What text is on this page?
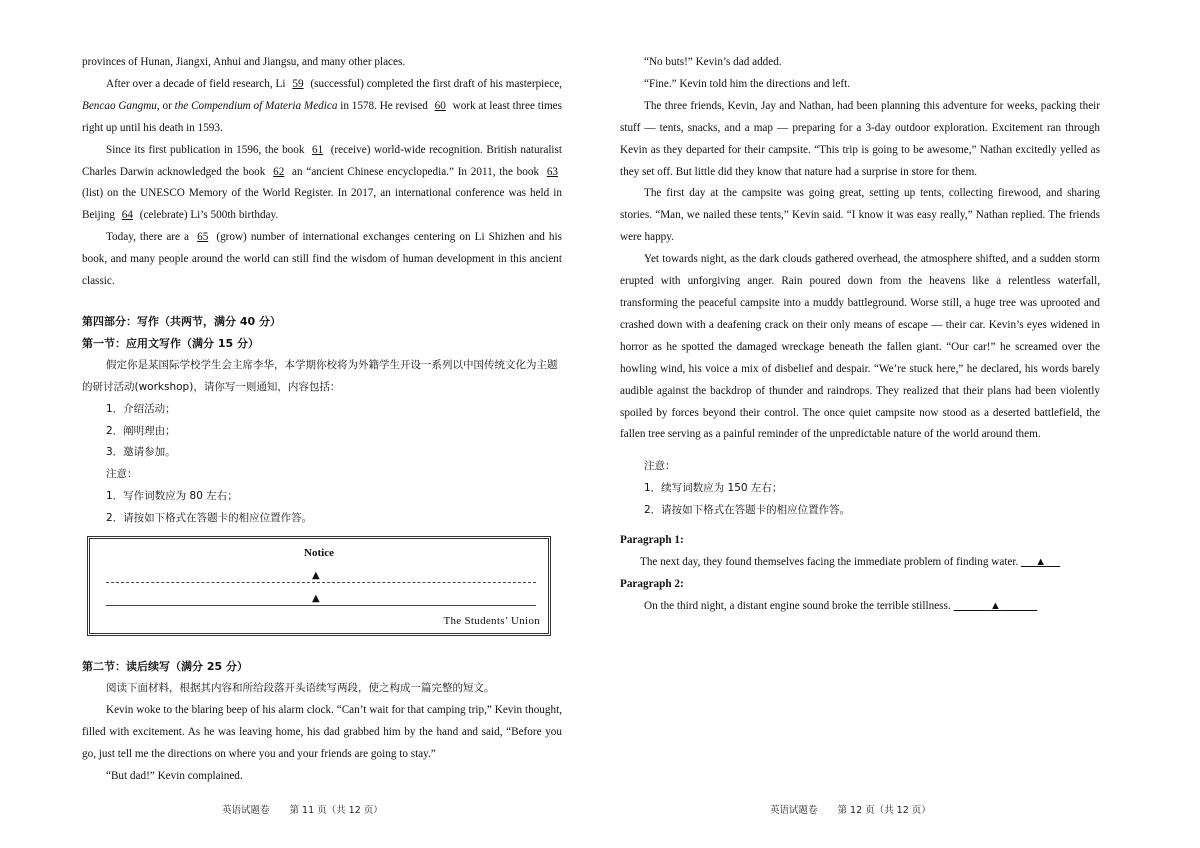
provinces of Hunan, Jiangxi, Anhui and Jiangsu, and many other places.

After over a decade of field research, Li 59 (successful) completed the first draft of his masterpiece, Bencao Gangmu, or the Compendium of Materia Medica in 1578. He revised 60 work at least three times right up until his death in 1593.

Since its first publication in 1596, the book 61 (receive) world-wide recognition. British naturalist Charles Darwin acknowledged the book 62 an “ancient Chinese encyclopedia.” In 2011, the book 63 (list) on the UNESCO Memory of the World Register. In 2017, an international conference was held in Beijing 64 (celebrate) Li’s 500th birthday.

Today, there are a 65 (grow) number of international exchanges centering on Li Shizhen and his book, and many people around the world can still find the wisdom of human development in this ancient classic.

第四部分：写作（共两节，满分 40 分）

第一节：应用文写作（满分 15 分）

假定你是某国际学校学生会主席李华，本学期你校将为外籍学生开设一系列以中国传统文化为主题的研讨活动(workshop)，请你写一则通知，内容包括：

1．介绍活动；

2．阐明理由；

3．邀请参加。

注意：

1．写作词数应为 80 左右；

2．请按如下格式在答题卡的相应位置作答。

Notice
▲
▲
The Students’ Union

第二节：读后续写（满分 25 分）

阅读下面材料，根据其内容和所给段落开头语续写两段，使之构成一篇完整的短文。

Kevin woke to the blaring beep of his alarm clock. “Can’t wait for that camping trip,” Kevin thought, filled with excitement. As he was leaving home, his dad grabbed him by the hand and said, “Before you go, just tell me the directions on where you and your friends are going to stay.”

“But dad!” Kevin complained.

英语试题卷 第 11 页（共 12 页）

“No buts!” Kevin’s dad added.

“Fine.” Kevin told him the directions and left.

The three friends, Kevin, Jay and Nathan, had been planning this adventure for weeks, packing their stuff — tents, snacks, and a map — preparing for a 3-day outdoor exploration. Excitement ran through Kevin as they departed for their campsite. “This trip is going to be awesome,” Nathan excitedly yelled as they set off. But little did they know that nature had a surprise in store for them.

The first day at the campsite was going great, setting up tents, collecting firewood, and sharing stories. “Man, we nailed these tents,” Kevin said. “I know it was easy really,” Nathan replied. The friends were happy.

Yet towards night, as the dark clouds gathered overhead, the atmosphere shifted, and a sudden storm erupted with unforgiving anger. Rain poured down from the heavens like a relentless waterfall, transforming the peaceful campsite into a muddy battleground. Worse still, a huge tree was uprooted and crashed down with a deafening crack on their only means of escape — their car. Kevin’s eyes widened in horror as he spotted the damaged wreckage beneath the fallen giant. “Our car!” he screamed over the howling wind, his voice a mix of disbelief and despair. “We’re stuck here,” he declared, his words barely audible against the backdrop of thunder and raindrops. They realized that their plans had been violently spoiled by forces beyond their control. The once quiet campsite now stood as a deserted battlefield, the fallen tree serving as a painful reminder of the unpredictable nature of the world around them.

注意：

1．续写词数应为 150 左右；

2．请按如下格式在答题卡的相应位置作答。

Paragraph 1:

The next day, they found themselves facing the immediate problem of finding water. ▲

Paragraph 2:

On the third night, a distant engine sound broke the terrible stillness.	▲

英语试题卷 第 12 页（共 12 页）
